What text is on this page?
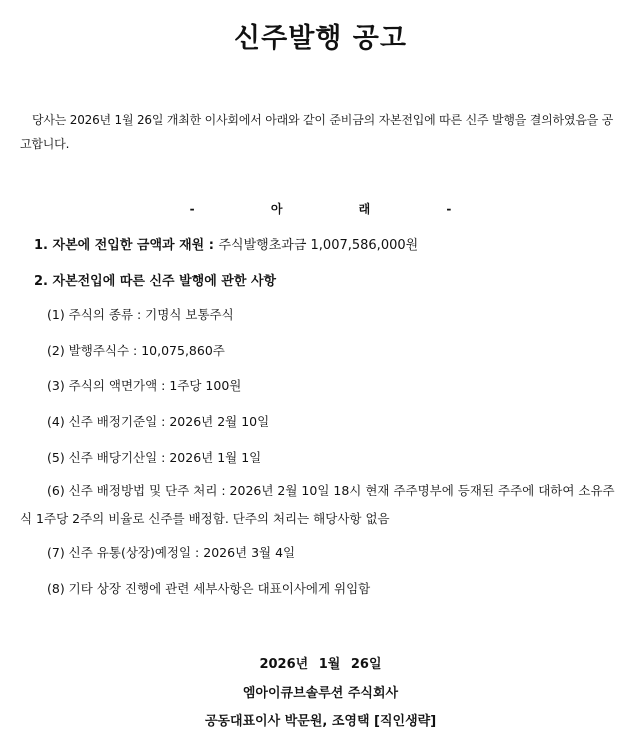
신주발행 공고
당사는 2026년 1월 26일 개최한 이사회에서 아래와 같이 준비금의 자본전입에 따른 신주 발행을 결의하였음을 공고합니다.
- 아 래 -
1. 자본에 전입한 금액과 재원 : 주식발행초과금 1,007,586,000원
2. 자본전입에 따른 신주 발행에 관한 사항
(1) 주식의 종류 : 기명식 보통주식
(2) 발행주식수 : 10,075,860주
(3) 주식의 액면가액 : 1주당 100원
(4) 신주 배정기준일 : 2026년 2월 10일
(5) 신주 배당기산일 : 2026년 1월 1일
(6) 신주 배정방법 및 단주 처리 : 2026년 2월 10일 18시 현재 주주명부에 등재된 주주에 대하여 소유주식 1주당 2주의 비율로 신주를 배정함. 단주의 처리는 해당사항 없음
(7) 신주 유통(상장)예정일 : 2026년 3월 4일
(8) 기타 상장 진행에 관련 세부사항은 대표이사에게 위임함
2026년 1월 26일
엠아이큐브솔루션 주식회사
공동대표이사 박문원, 조영택 [직인생략]
